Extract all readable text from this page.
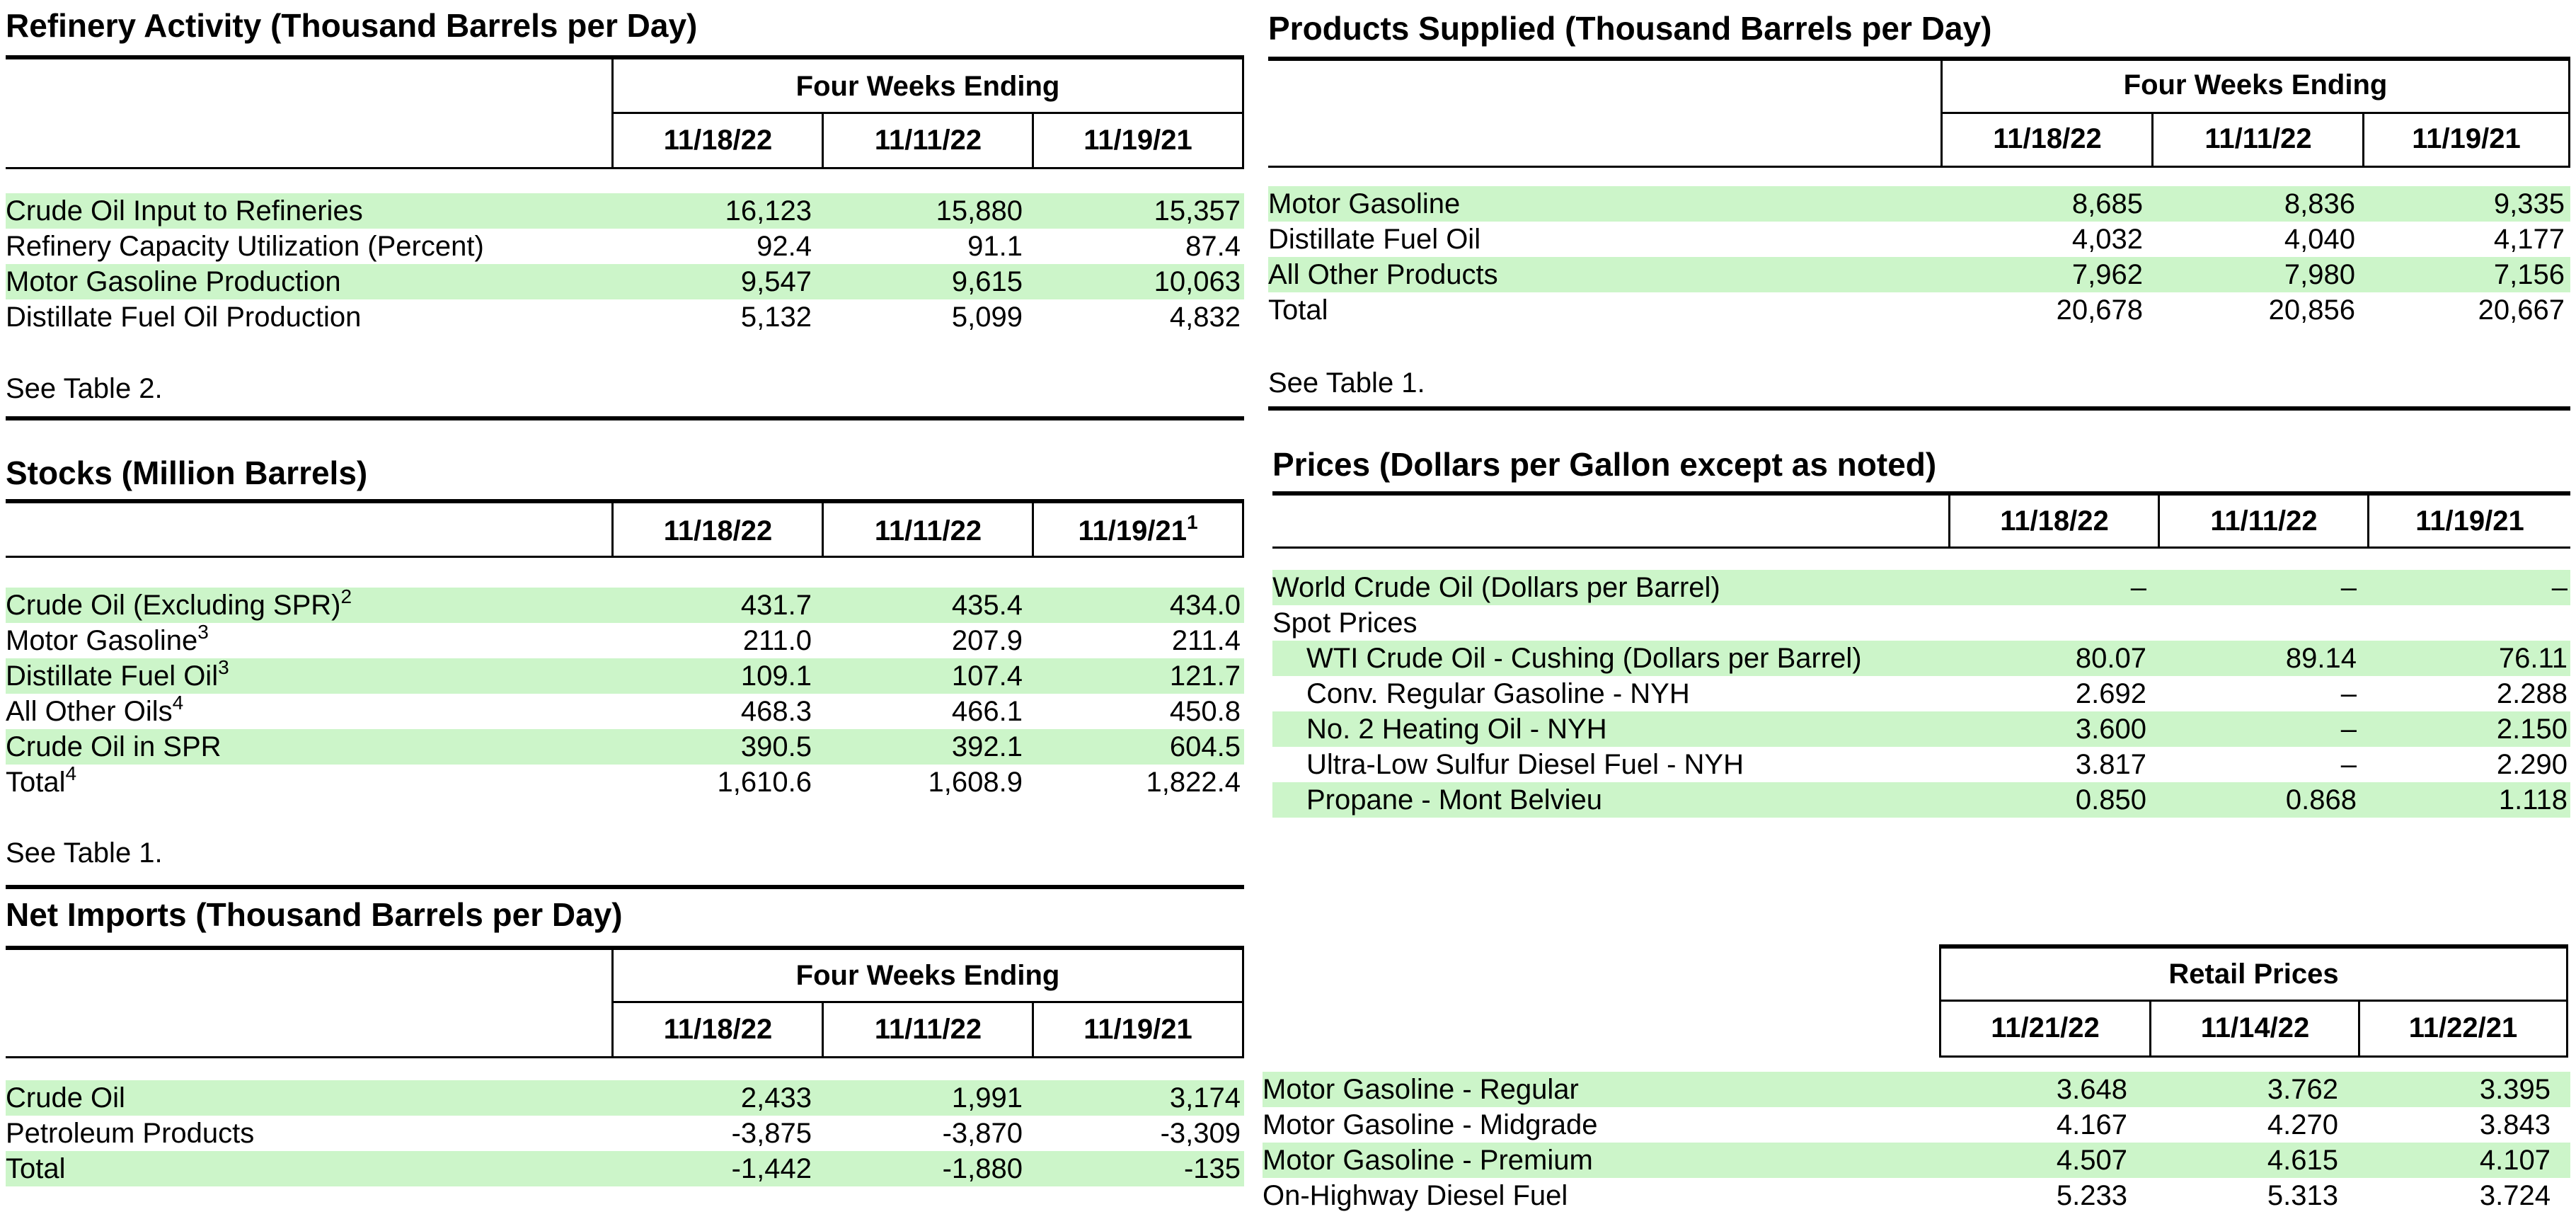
Refinery Activity (Thousand Barrels per Day)
Four Weeks Ending
11/18/22	11/11/22	11/19/21
Crude Oil Input to Refineries	16,123	15,880	15,357
Refinery Capacity Utilization (Percent)	92.4	91.1	87.4
Motor Gasoline Production	9,547	9,615	10,063
Distillate Fuel Oil Production	5,132	5,099	4,832
See Table 2.
Stocks (Million Barrels)
11/18/22	11/11/22	$11/19/21^1$
Crude Oil (Excluding SPR)$^2$	431.7	435.4	434.0
Motor Gasoline$^3$	211.0	207.9	211.4
Distillate Fuel Oil$^3$	109.1	107.4	121.7
All Other Oils$^4$	468.3	466.1	450.8
Crude Oil in SPR	390.5	392.1	604.5
Total$^4$	1,610.6	1,608.9	1,822.4
See Table 1.
Net Imports (Thousand Barrels per Day)
Four Weeks Ending
11/18/22	11/11/22	11/19/21
Crude Oil	2,433	1,991	3,174
Petroleum Products	-3,875	-3,870	-3,309
Total	-1,442	-1,880	-135
Products Supplied (Thousand Barrels per Day)
Four Weeks Ending
11/18/22	11/11/22	11/19/21
Motor Gasoline	8,685	8,836	9,335
Distillate Fuel Oil	4,032	4,040	4,177
All Other Products	7,962	7,980	7,156
Total	20,678	20,856	20,667
See Table 1.
Prices (Dollars per Gallon except as noted)
11/18/22	11/11/22	11/19/21
World Crude Oil (Dollars per Barrel)	–	–	–
Spot Prices
WTI Crude Oil - Cushing (Dollars per Barrel)	80.07	89.14	76.11
Conv. Regular Gasoline - NYH	2.692	–	2.288
No. 2 Heating Oil - NYH	3.600	–	2.150
Ultra-Low Sulfur Diesel Fuel - NYH	3.817	–	2.290
Propane - Mont Belvieu	0.850	0.868	1.118
Retail Prices
11/21/22	11/14/22	11/22/21
Motor Gasoline - Regular	3.648	3.762	3.395
Motor Gasoline - Midgrade	4.167	4.270	3.843
Motor Gasoline - Premium	4.507	4.615	4.107
On-Highway Diesel Fuel	5.233	5.313	3.724
